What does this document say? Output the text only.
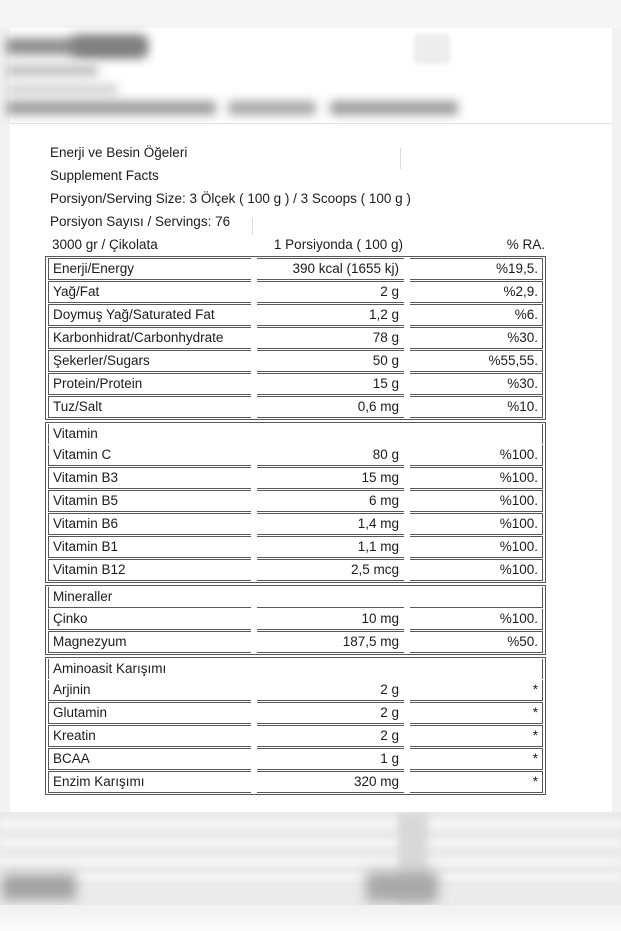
Enerji ve Besin Öğeleri
Supplement Facts
Porsiyon/Serving Size: 3 Ölçek ( 100 g ) / 3 Scoops ( 100 g )
Porsiyon Sayısı / Servings: 76
3000 gr / Çikolata	1 Porsiyonda ( 100 g)	% RA.
Enerji/Energy	390 kcal (1655 kj)	%19,5.
Yağ/Fat	2 g	%2,9.
Doymuş Yağ/Saturated Fat	1,2 g	%6.
Karbonhidrat/Carbonhydrate	78 g	%30.
Şekerler/Sugars	50 g	%55,55.
Protein/Protein	15 g	%30.
Tuz/Salt	0,6 mg	%10.
Vitamin
Vitamin C	80 g	%100.
Vitamin B3	15 mg	%100.
Vitamin B5	6 mg	%100.
Vitamin B6	1,4 mg	%100.
Vitamin B1	1,1 mg	%100.
Vitamin B12	2,5 mcg	%100.
Mineraller
Çinko	10 mg	%100.
Magnezyum	187,5 mg	%50.
Aminoasit Karışımı
Arjinin	2 g	*
Glutamin	2 g	*
Kreatin	2 g	*
BCAA	1 g	*
Enzim Karışımı	320 mg	*
